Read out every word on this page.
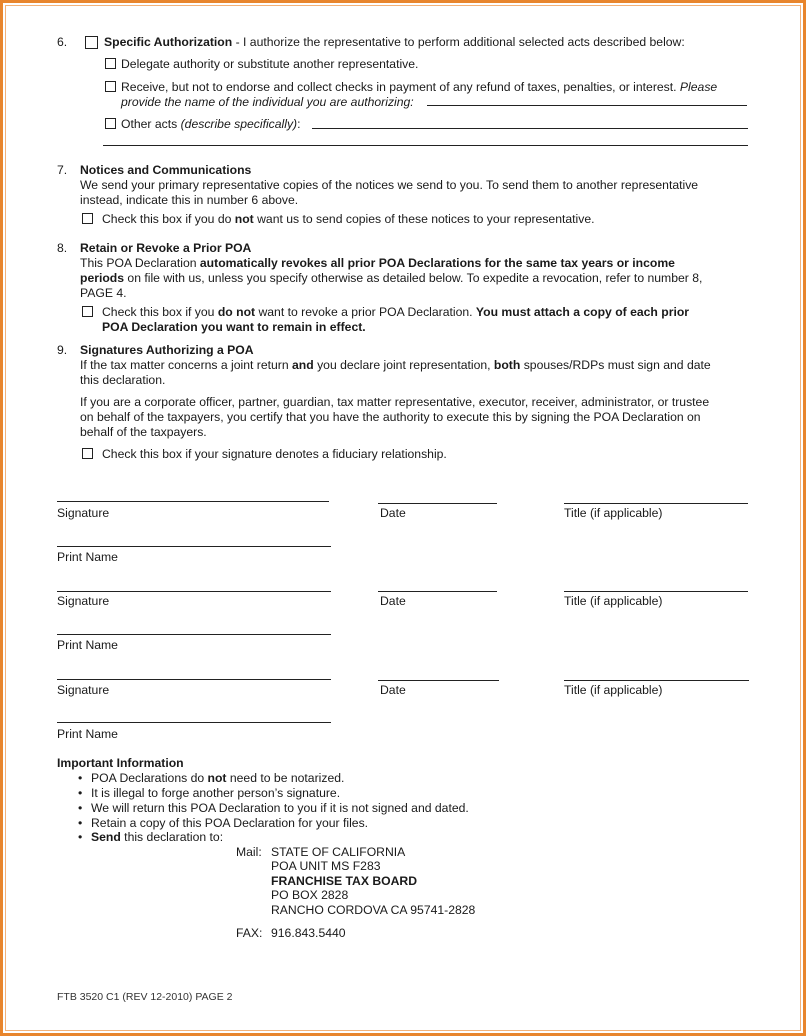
6.	Specific Authorization - I authorize the representative to perform additional selected acts described below:
Delegate authority or substitute another representative.
Receive, but not to endorse and collect checks in payment of any refund of taxes, penalties, or interest. Please
provide the name of the individual you are authorizing:
Other acts (describe specifically):
7. Notices and Communications
We send your primary representative copies of the notices we send to you. To send them to another representative
instead, indicate this in number 6 above.
Check this box if you do not want us to send copies of these notices to your representative.
8. Retain or Revoke a Prior POA
This POA Declaration automatically revokes all prior POA Declarations for the same tax years or income
periods on file with us, unless you specify otherwise as detailed below. To expedite a revocation, refer to number 8,
PAGE 4.
Check this box if you do not want to revoke a prior POA Declaration. You must attach a copy of each prior
POA Declaration you want to remain in effect.
9. Signatures Authorizing a POA
If the tax matter concerns a joint return and you declare joint representation, both spouses/RDPs must sign and date
this declaration.
If you are a corporate officer, partner, guardian, tax matter representative, executor, receiver, administrator, or trustee
on behalf of the taxpayers, you certify that you have the authority to execute this by signing the POA Declaration on
behalf of the taxpayers.
Check this box if your signature denotes a fiduciary relationship.
Signature	Date	Title (if applicable)
Print Name
Signature	Date	Title (if applicable)
Print Name
Signature	Date	Title (if applicable)
Print Name
Important Information
• POA Declarations do not need to be notarized.
• It is illegal to forge another person’s signature.
• We will return this POA Declaration to you if it is not signed and dated.
• Retain a copy of this POA Declaration for your files.
• Send this declaration to:
Mail: STATE OF CALIFORNIA
POA UNIT MS F283
FRANCHISE TAX BOARD
PO BOX 2828
RANCHO CORDOVA CA 95741-2828
FAX: 916.843.5440
FTB 3520 C1 (REV 12-2010) PAGE 2
